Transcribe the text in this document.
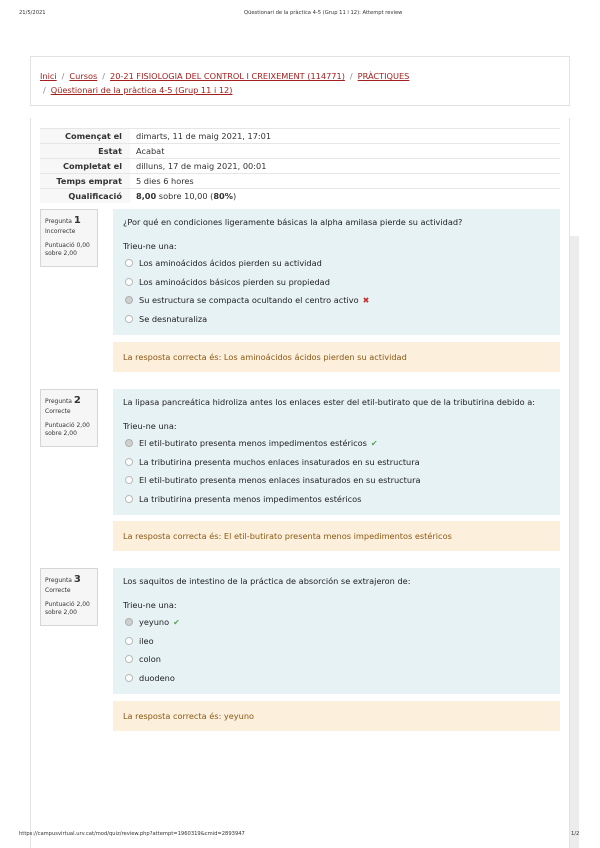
21/5/2021	Qüestionari de la pràctica 4-5 (Grup 11 i 12): Attempt review
Inici / Cursos / 20-21 FISIOLOGIA DEL CONTROL I CREIXEMENT (114771) / PRÀCTIQUES
/ Qüestionari de la pràctica 4-5 (Grup 11 i 12)
Començat el	dimarts, 11 de maig 2021, 17:01
Estat	Acabat
Completat el	dilluns, 17 de maig 2021, 00:01
Temps emprat	5 dies 6 hores
Qualificació	8,00 sobre 10,00 (80%)
Pregunta 1
Incorrecte
Puntuació 0,00
sobre 2,00
¿Por qué en condiciones ligeramente básicas la alpha amilasa pierde su actividad?
Trieu-ne una:
Los aminoácidos ácidos pierden su actividad
Los aminoácidos básicos pierden su propiedad
Su estructura se compacta ocultando el centro activo ✖
Se desnaturaliza
La resposta correcta és: Los aminoácidos ácidos pierden su actividad
Pregunta 2
Correcte
Puntuació 2,00
sobre 2,00
La lipasa pancreática hidroliza antes los enlaces ester del etil-butirato que de la tributirina debido a:
Trieu-ne una:
El etil-butirato presenta menos impedimentos estéricos ✔
La tributirina presenta muchos enlaces insaturados en su estructura
El etil-butirato presenta menos enlaces insaturados en su estructura
La tributirina presenta menos impedimentos estéricos
La resposta correcta és: El etil-butirato presenta menos impedimentos estéricos
Pregunta 3
Correcte
Puntuació 2,00
sobre 2,00
Los saquitos de intestino de la práctica de absorción se extrajeron de:
Trieu-ne una:
yeyuno ✔
ileo
colon
duodeno
La resposta correcta és: yeyuno
https://campusvirtual.urv.cat/mod/quiz/review.php?attempt=1960319&cmid=2893947	1/2
